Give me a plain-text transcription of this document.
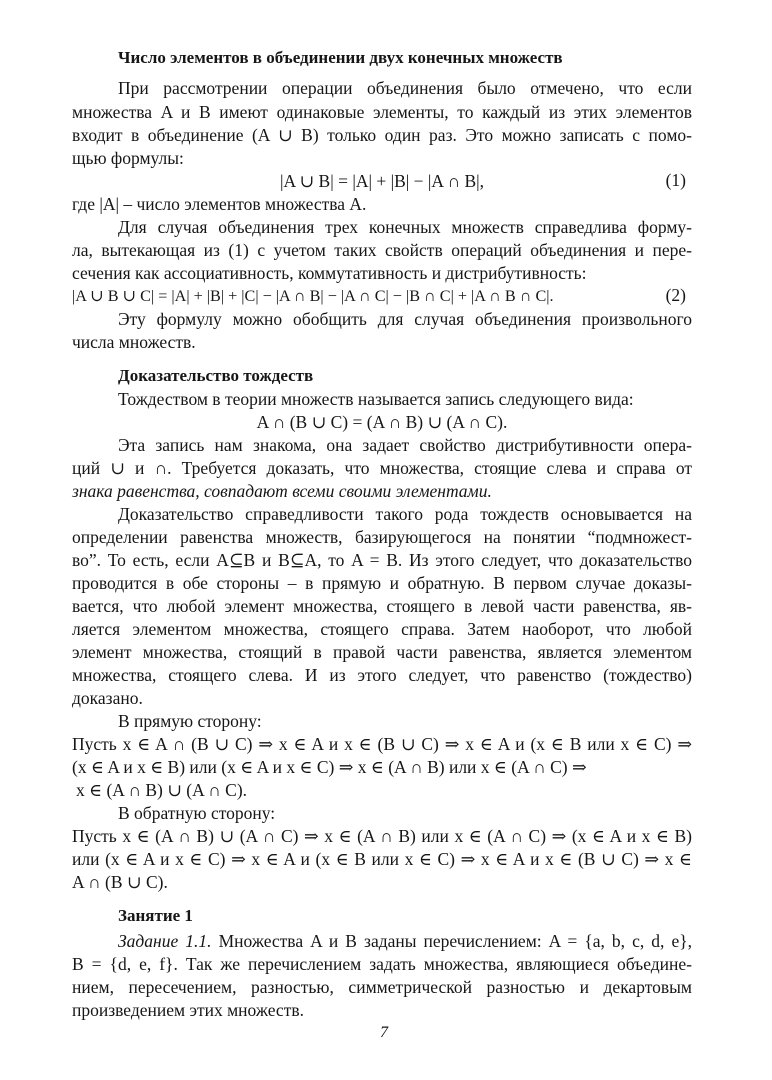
Число элементов в объединении двух конечных множеств

При рассмотрении операции объединения было отмечено, что если

множества A и B имеют одинаковые элементы, то каждый из этих элементов

входит в объединение (A ∪ B) только один раз. Это можно записать с помо-

щью формулы:

|A ∪ B| = |A| + |B| − |A ∩ B|,	(1)

где |A| – число элементов множества A.

Для случая объединения трех конечных множеств справедлива форму-

ла, вытекающая из (1) с учетом таких свойств операций объединения и пере-

сечения как ассоциативность, коммутативность и дистрибутивность:

|A ∪ B ∪ C| = |A| + |B| + |C| − |A ∩ B| − |A ∩ C| − |B ∩ C| + |A ∩ B ∩ C|.	(2)

Эту формулу можно обобщить для случая объединения произвольного

числа множеств.

Доказательство тождеств

Тождеством в теории множеств называется запись следующего вида:

A ∩ (B ∪ C) = (A ∩ B) ∪ (A ∩ C).

Эта запись нам знакома, она задает свойство дистрибутивности опера-

ций ∪ и ∩. Требуется доказать, что множества, стоящие слева и справа от

знака равенства, совпадают всеми своими элементами.

Доказательство справедливости такого рода тождеств основывается на

определении равенства множеств, базирующегося на понятии “подмножест-

во”. То есть, если A⊆B и B⊆A, то A = B. Из этого следует, что доказательство

проводится в обе стороны – в прямую и обратную. В первом случае доказы-

вается, что любой элемент множества, стоящего в левой части равенства, яв-

ляется элементом множества, стоящего справа. Затем наоборот, что любой

элемент множества, стоящий в правой части равенства, является элементом

множества, стоящего слева. И из этого следует, что равенство (тождество)

доказано.

В прямую сторону:

Пусть x ∈ A ∩ (B ∪ C) ⇒ x ∈ A и x ∈ (B ∪ C) ⇒ x ∈ A и (x ∈ B или x ∈ C) ⇒

(x ∈ A и x ∈ B) или (x ∈ A и x ∈ C) ⇒ x ∈ (A ∩ B) или x ∈ (A ∩ C) ⇒

x ∈ (A ∩ B) ∪ (A ∩ C).

В обратную сторону:

Пусть x ∈ (A ∩ B) ∪ (A ∩ C) ⇒ x ∈ (A ∩ B) или x ∈ (A ∩ C) ⇒ (x ∈ A и x ∈ B)

или (x ∈ A и x ∈ C) ⇒ x ∈ A и (x ∈ B или x ∈ C) ⇒ x ∈ A и x ∈ (B ∪ C) ⇒ x ∈

A ∩ (B ∪ C).

Занятие 1

Задание 1.1. Множества A и B заданы перечислением: A = {a, b, c, d, e},

B = {d, e, f}. Так же перечислением задать множества, являющиеся объедине-

нием, пересечением, разностью, симметрической разностью и декартовым

произведением этих множеств.

7
